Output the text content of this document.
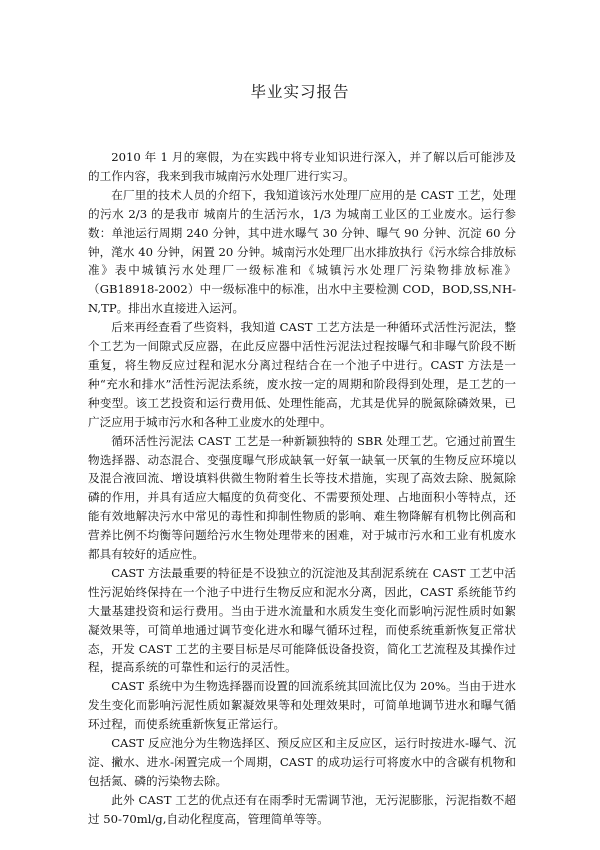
毕业实习报告

2010 年 1 月的寒假，为在实践中将专业知识进行深入，并了解以后可能涉及的工作内容，我来到我市城南污水处理厂进行实习。

在厂里的技术人员的介绍下，我知道该污水处理厂应用的是 CAST 工艺，处理的污水 2/3 的是我市 城南片的生活污水，1/3 为城南工业区的工业废水。运行参数：单池运行周期 240 分钟，其中进水曝气 30 分钟、曝气 90 分钟、沉淀 60 分钟，滗水 40 分钟，闲置 20 分钟。城南污水处理厂出水排放执行《污水综合排放标准》表中城镇污水处理厂一级标准和《城镇污水处理厂污染物排放标准》（GB18918-2002）中一级标准中的标准，出水中主要检测 COD，BOD,SS,NH-N,TP。排出水直接进入运河。

后来再经查看了些资料，我知道 CAST 工艺方法是一种循环式活性污泥法，整个工艺为一间隙式反应器，在此反应器中活性污泥法过程按曝气和非曝气阶段不断重复，将生物反应过程和泥水分离过程结合在一个池子中进行。CAST 方法是一种“充水和排水”活性污泥法系统，废水按一定的周期和阶段得到处理，是工艺的一种变型。该工艺投资和运行费用低、处理性能高，尤其是优异的脱氮除磷效果，已广泛应用于城市污水和各种工业废水的处理中。

循环活性污泥法 CAST 工艺是一种新颖独特的 SBR 处理工艺。它通过前置生物选择器、动态混合、变强度曝气形成缺氧一好氧一缺氧一厌氧的生物反应环境以及混合液回流、增设填料供微生物附着生长等技术措施，实现了高效去除、脱氮除磷的作用，并具有适应大幅度的负荷变化、不需要预处理、占地面积小等特点，还能有效地解决污水中常见的毒性和抑制性物质的影响、难生物降解有机物比例高和营养比例不均衡等问题给污水生物处理带来的困难，对于城市污水和工业有机废水都具有较好的适应性。

CAST 方法最重要的特征是不设独立的沉淀池及其刮泥系统在 CAST 工艺中活性污泥始终保持在一个池子中进行生物反应和泥水分离，因此，CAST 系统能节约大量基建投资和运行费用。当由于进水流量和水质发生变化而影响污泥性质时如絮凝效果等，可简单地通过调节变化进水和曝气循环过程，而使系统重新恢复正常状态，开发 CAST 工艺的主要目标是尽可能降低设备投资，简化工艺流程及其操作过程，提高系统的可靠性和运行的灵活性。

CAST 系统中为生物选择器而设置的回流系统其回流比仅为 20%。当由于进水发生变化而影响污泥性质如絮凝效果等和处理效果时，可简单地调节进水和曝气循环过程，而使系统重新恢复正常运行。

CAST 反应池分为生物选择区、预反应区和主反应区，运行时按进水-曝气、沉淀、撇水、进水-闲置完成一个周期，CAST 的成功运行可将废水中的含碳有机物和包括氮、磷的污染物去除。

此外 CAST 工艺的优点还有在雨季时无需调节池，无污泥膨胀，污泥指数不超过 50-70ml/g,自动化程度高，管理简单等等。
